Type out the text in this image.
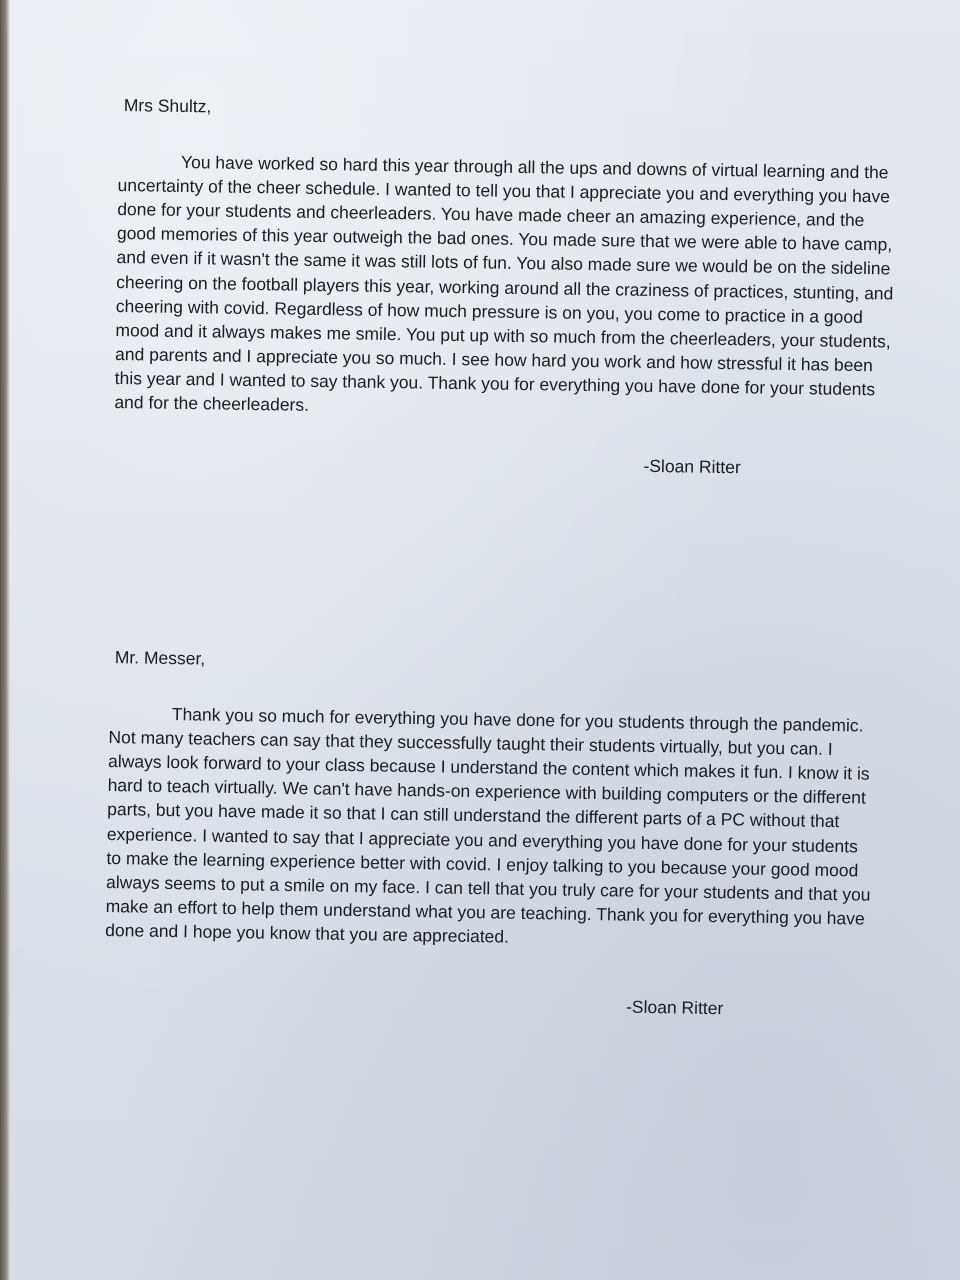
Mrs Shultz,

You have worked so hard this year through all the ups and downs of virtual learning and the uncertainty of the cheer schedule. I wanted to tell you that I appreciate you and everything you have done for your students and cheerleaders. You have made cheer an amazing experience, and the good memories of this year outweigh the bad ones. You made sure that we were able to have camp, and even if it wasn't the same it was still lots of fun. You also made sure we would be on the sideline cheering on the football players this year, working around all the craziness of practices, stunting, and cheering with covid. Regardless of how much pressure is on you, you come to practice in a good mood and it always makes me smile. You put up with so much from the cheerleaders, your students, and parents and I appreciate you so much. I see how hard you work and how stressful it has been this year and I wanted to say thank you. Thank you for everything you have done for your students and for the cheerleaders.

-Sloan Ritter

Mr. Messer,

Thank you so much for everything you have done for you students through the pandemic. Not many teachers can say that they successfully taught their students virtually, but you can. I always look forward to your class because I understand the content which makes it fun. I know it is hard to teach virtually. We can't have hands-on experience with building computers or the different parts, but you have made it so that I can still understand the different parts of a PC without that experience. I wanted to say that I appreciate you and everything you have done for your students to make the learning experience better with covid. I enjoy talking to you because your good mood always seems to put a smile on my face. I can tell that you truly care for your students and that you make an effort to help them understand what you are teaching. Thank you for everything you have done and I hope you know that you are appreciated.

-Sloan Ritter
